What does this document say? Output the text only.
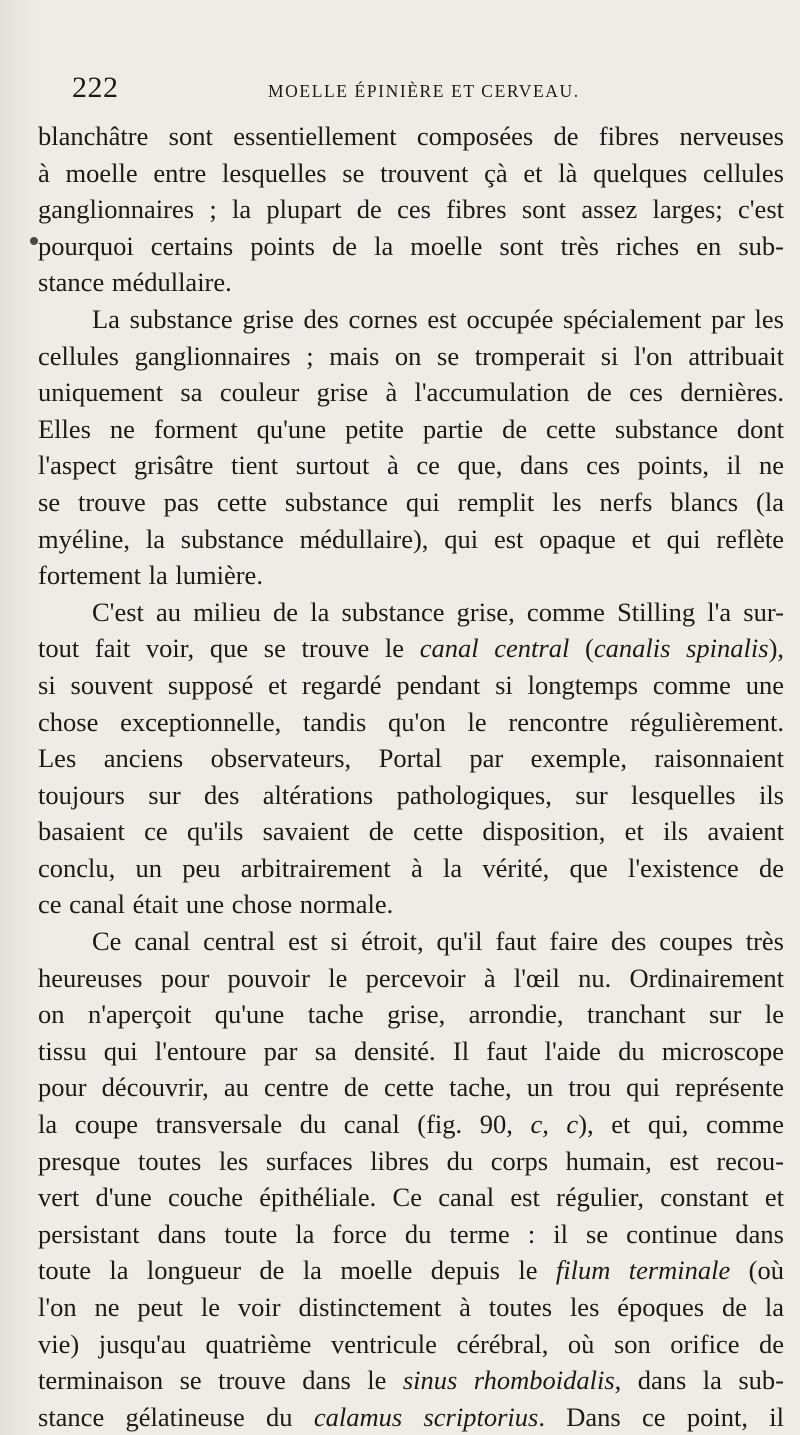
222	MOELLE ÉPINIÈRE ET CERVEAU.
blanchâtre sont essentiellement composées de fibres nerveuses
à moelle entre lesquelles se trouvent çà et là quelques cellules
ganglionnaires ; la plupart de ces fibres sont assez larges; c'est
pourquoi certains points de la moelle sont très riches en sub-
stance médullaire.
La substance grise des cornes est occupée spécialement par les
cellules ganglionnaires ; mais on se tromperait si l'on attribuait
uniquement sa couleur grise à l'accumulation de ces dernières.
Elles ne forment qu'une petite partie de cette substance dont
l'aspect grisâtre tient surtout à ce que, dans ces points, il ne
se trouve pas cette substance qui remplit les nerfs blancs (la
myéline, la substance médullaire), qui est opaque et qui reflète
fortement la lumière.
C'est au milieu de la substance grise, comme Stilling l'a sur-
tout fait voir, que se trouve le canal central (canalis spinalis),
si souvent supposé et regardé pendant si longtemps comme une
chose exceptionnelle, tandis qu'on le rencontre régulièrement.
Les anciens observateurs, Portal par exemple, raisonnaient
toujours sur des altérations pathologiques, sur lesquelles ils
basaient ce qu'ils savaient de cette disposition, et ils avaient
conclu, un peu arbitrairement à la vérité, que l'existence de
ce canal était une chose normale.
Ce canal central est si étroit, qu'il faut faire des coupes très
heureuses pour pouvoir le percevoir à l'œil nu. Ordinairement
on n'aperçoit qu'une tache grise, arrondie, tranchant sur le
tissu qui l'entoure par sa densité. Il faut l'aide du microscope
pour découvrir, au centre de cette tache, un trou qui représente
la coupe transversale du canal (fig. 90, c, c), et qui, comme
presque toutes les surfaces libres du corps humain, est recou-
vert d'une couche épithéliale. Ce canal est régulier, constant et
persistant dans toute la force du terme : il se continue dans
toute la longueur de la moelle depuis le filum terminale (où
l'on ne peut le voir distinctement à toutes les époques de la
vie) jusqu'au quatrième ventricule cérébral, où son orifice de
terminaison se trouve dans le sinus rhomboidalis, dans la sub-
stance gélatineuse du calamus scriptorius. Dans ce point, il
